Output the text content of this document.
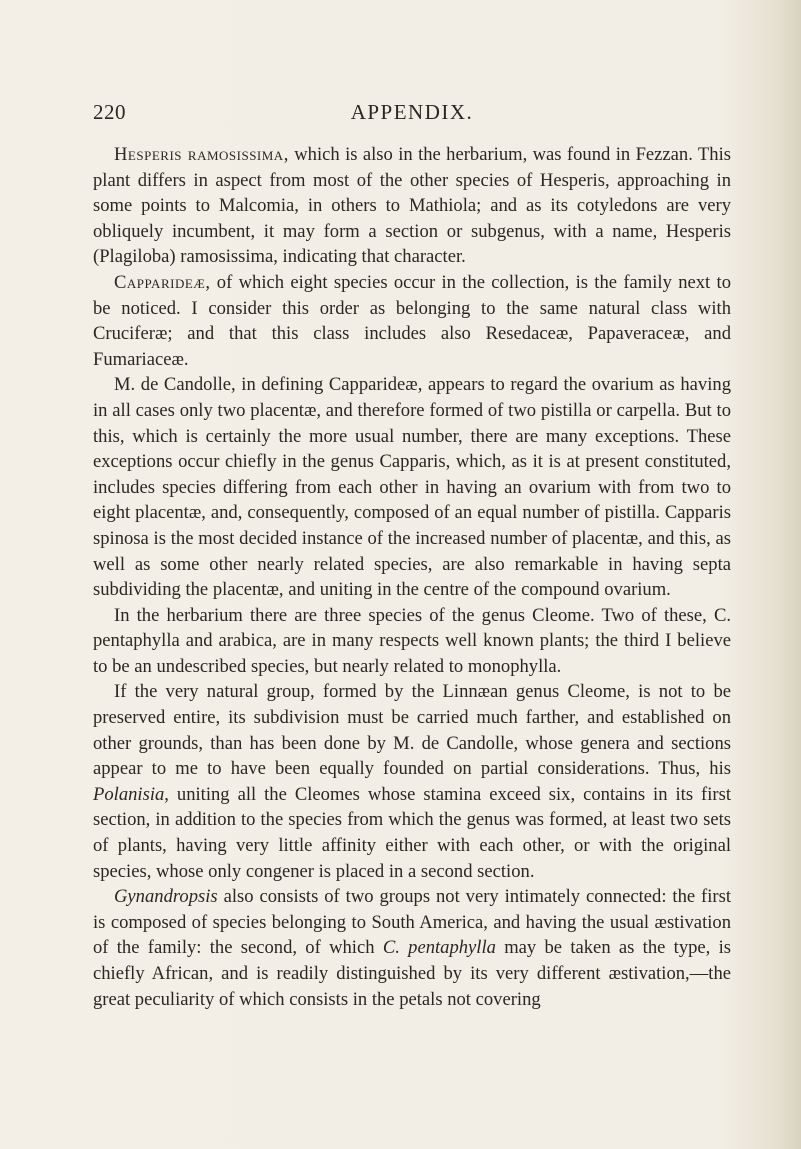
220	APPENDIX.

Hesperis ramosissima, which is also in the herbarium, was found in Fezzan. This plant differs in aspect from most of the other species of Hesperis, approaching in some points to Malcomia, in others to Mathiola; and as its cotyledons are very obliquely incumbent, it may form a section or subgenus, with a name, Hesperis (Plagiloba) ramosissima, indicating that character.

Capparideæ, of which eight species occur in the collection, is the family next to be noticed. I consider this order as belonging to the same natural class with Cruciferæ; and that this class includes also Resedaceæ, Papaveraceæ, and Fumariaceæ.

M. de Candolle, in defining Capparideæ, appears to regard the ovarium as having in all cases only two placentæ, and therefore formed of two pistilla or carpella. But to this, which is certainly the more usual number, there are many exceptions. These exceptions occur chiefly in the genus Capparis, which, as it is at present constituted, includes species differing from each other in having an ovarium with from two to eight placentæ, and, consequently, composed of an equal number of pistilla. Capparis spinosa is the most decided instance of the increased number of placentæ, and this, as well as some other nearly related species, are also remarkable in having septa subdividing the placentæ, and uniting in the centre of the compound ovarium.

In the herbarium there are three species of the genus Cleome. Two of these, C. pentaphylla and arabica, are in many respects well known plants; the third I believe to be an undescribed species, but nearly related to monophylla.

If the very natural group, formed by the Linnæan genus Cleome, is not to be preserved entire, its subdivision must be carried much farther, and established on other grounds, than has been done by M. de Candolle, whose genera and sections appear to me to have been equally founded on partial considerations. Thus, his Polanisia, uniting all the Cleomes whose stamina exceed six, contains in its first section, in addition to the species from which the genus was formed, at least two sets of plants, having very little affinity either with each other, or with the original species, whose only congener is placed in a second section.

Gynandropsis also consists of two groups not very intimately connected: the first is composed of species belonging to South America, and having the usual æstivation of the family: the second, of which C. pentaphylla may be taken as the type, is chiefly African, and is readily distinguished by its very different æstivation,—the great peculiarity of which consists in the petals not covering
